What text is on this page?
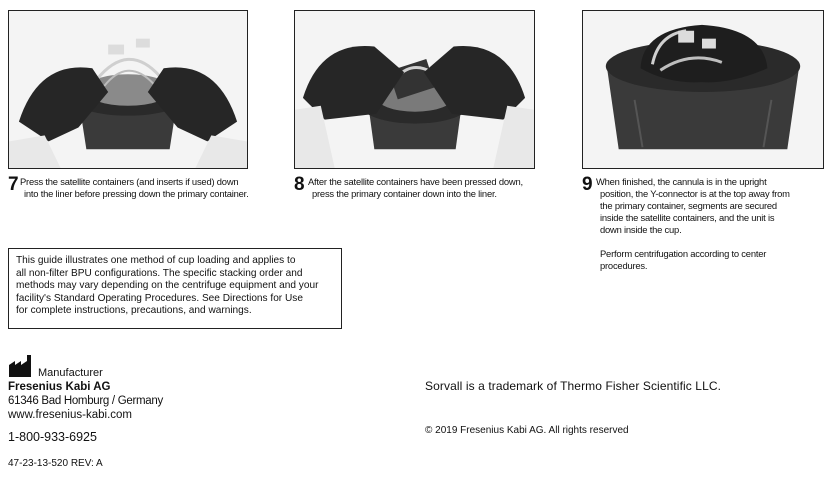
7 Press the satellite containers (and inserts if used) down
into the liner before pressing down the primary container. 8 After the satellite containers have been pressed down,
press the primary container down into the liner.	9 When finished, the cannula is in the upright
position, the Y-connector is at the top away from
the primary container, segments are secured
inside the satellite containers, and the unit is
down inside the cup.
Perform centrifugation according to center
procedures.
This guide illustrates one method of cup loading and applies to
all non-filter BPU configurations. The specific stacking order and
methods may vary depending on the centrifuge equipment and your
facility's Standard Operating Procedures. See Directions for Use
for complete instructions, precautions, and warnings.
Manufacturer
Fresenius Kabi AG
61346 Bad Homburg / Germany
www.fresenius-kabi.com
1-800-933-6925
47-23-13-520 REV: A
Sorvall is a trademark of Thermo Fisher Scientific LLC.
© 2019 Fresenius Kabi AG. All rights reserved
